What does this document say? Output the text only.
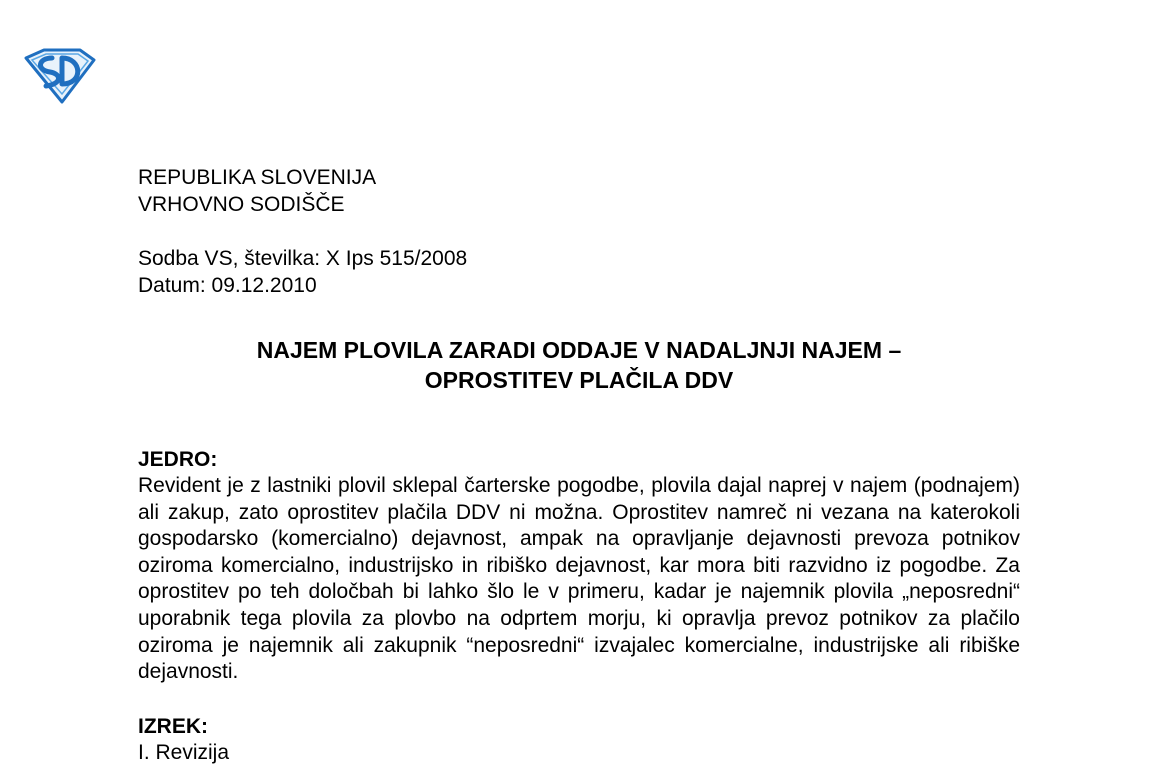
REPUBLIKA SLOVENIJA
VRHOVNO SODIŠČE
Sodba VS, številka: X Ips 515/2008
Datum: 09.12.2010
NAJEM PLOVILA ZARADI ODDAJE V NADALJNJI NAJEM –
OPROSTITEV PLAČILA DDV
JEDRO:
Revident je z lastniki plovil sklepal čarterske pogodbe, plovila dajal naprej v najem (podnajem) ali zakup, zato oprostitev plačila DDV ni možna. Oprostitev namreč ni vezana na katerokoli gospodarsko (komercialno) dejavnost, ampak na opravljanje dejavnosti prevoza potnikov oziroma komercialno, industrijsko in ribiško dejavnost, kar mora biti razvidno iz pogodbe. Za oprostitev po teh določbah bi lahko šlo le v primeru, kadar je najemnik plovila „neposredni“ uporabnik tega plovila za plovbo na odprtem morju, ki opravlja prevoz potnikov za plačilo oziroma je najemnik ali zakupnik “neposredni“ izvajalec komercialne, industrijske ali ribiške dejavnosti.
IZREK:
I. Revizija
